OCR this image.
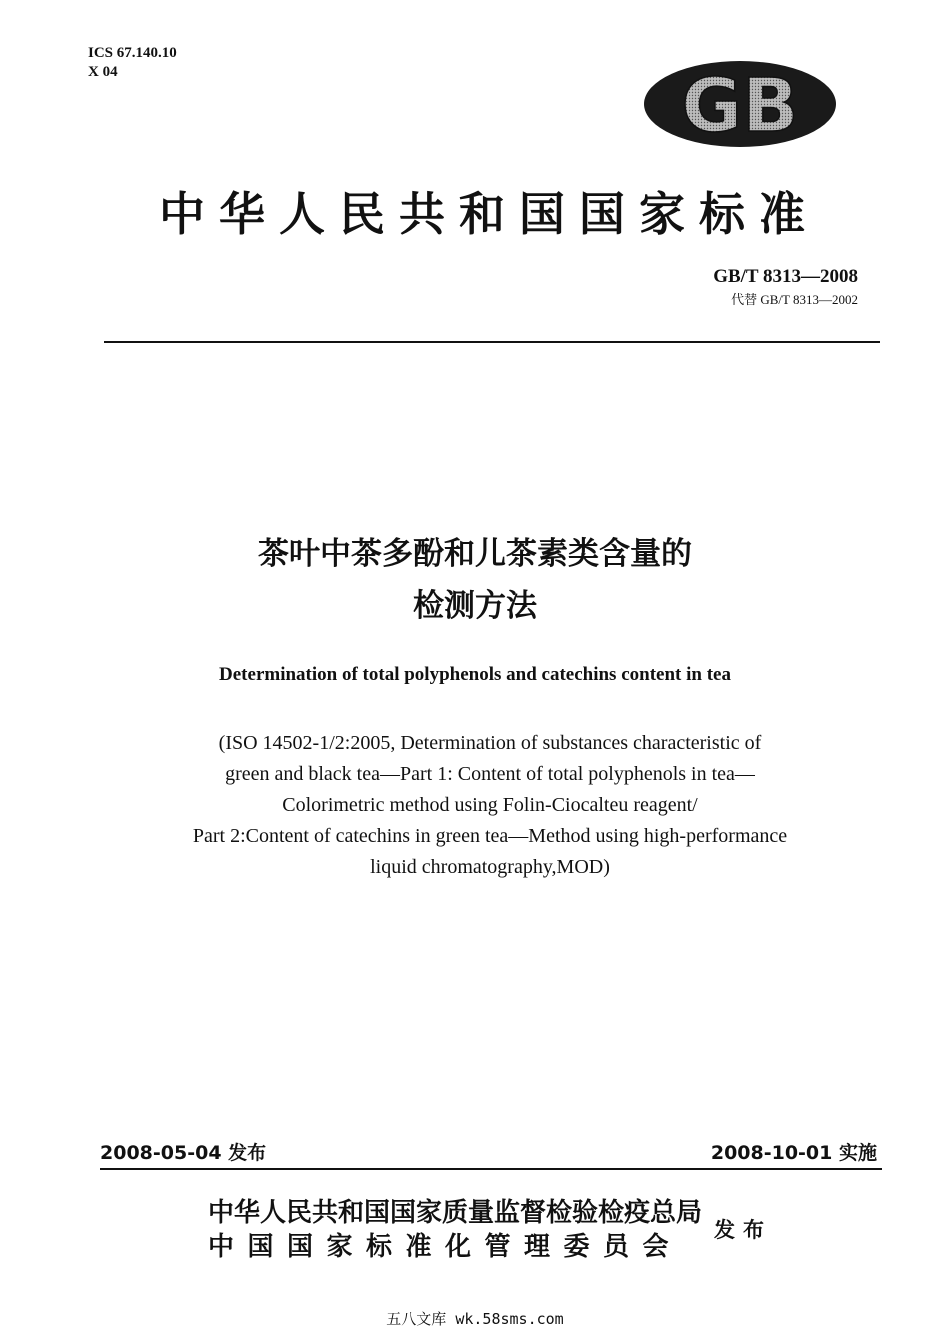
ICS 67.140.10
X 04	GB
中华人民共和国国家标准
GB/T 8313—2008
代替 GB/T 8313—2002
茶叶中茶多酚和儿茶素类含量的
检测方法
Determination of total polyphenols and catechins content in tea
(ISO 14502-1/2:2005, Determination of substances characteristic of
green and black tea—Part 1: Content of total polyphenols in tea—
Colorimetric method using Folin-Ciocalteu reagent/
Part 2:Content of catechins in green tea—Method using high-performance
liquid chromatography,MOD)
2008-05-04 发布	2008-10-01 实施
中华人民共和国国家质量监督检验检疫总局
中国国家标准化管理委员会
发布
五八文库 wk.58sms.com
